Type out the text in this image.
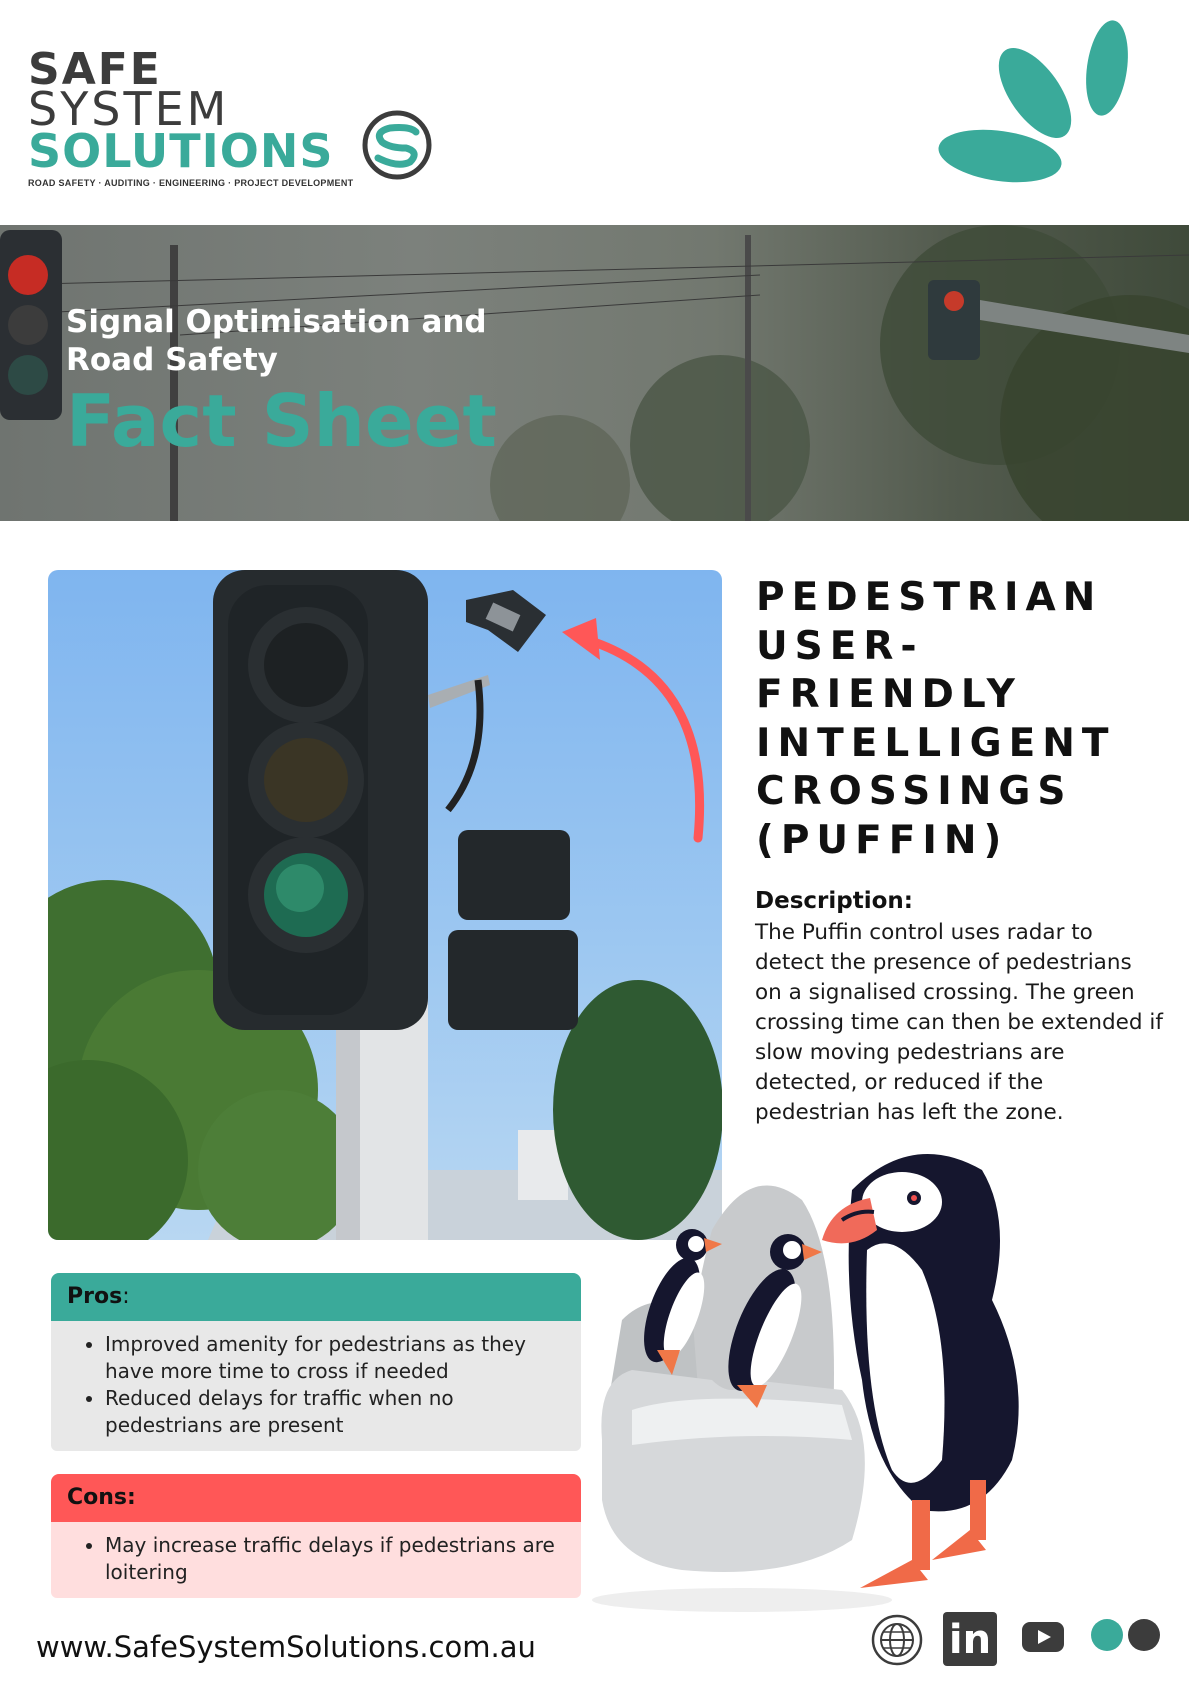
SAFE
SYSTEM
SOLUTIONS
ROAD SAFETY · AUDITING · ENGINEERING · PROJECT DEVELOPMENT
Signal Optimisation and Road Safety
Fact Sheet
PEDESTRIAN USER-FRIENDLY INTELLIGENT CROSSINGS (PUFFIN)
Description:
The Puffin control uses radar to detect the presence of pedestrians on a signalised crossing. The green crossing time can then be extended if slow moving pedestrians are detected, or reduced if the pedestrian has left the zone.
Pros:
• Improved amenity for pedestrians as they have more time to cross if needed
• Reduced delays for traffic when no pedestrians are present
Cons:
• May increase traffic delays if pedestrians are loitering
www.SafeSystemSolutions.com.au	in
